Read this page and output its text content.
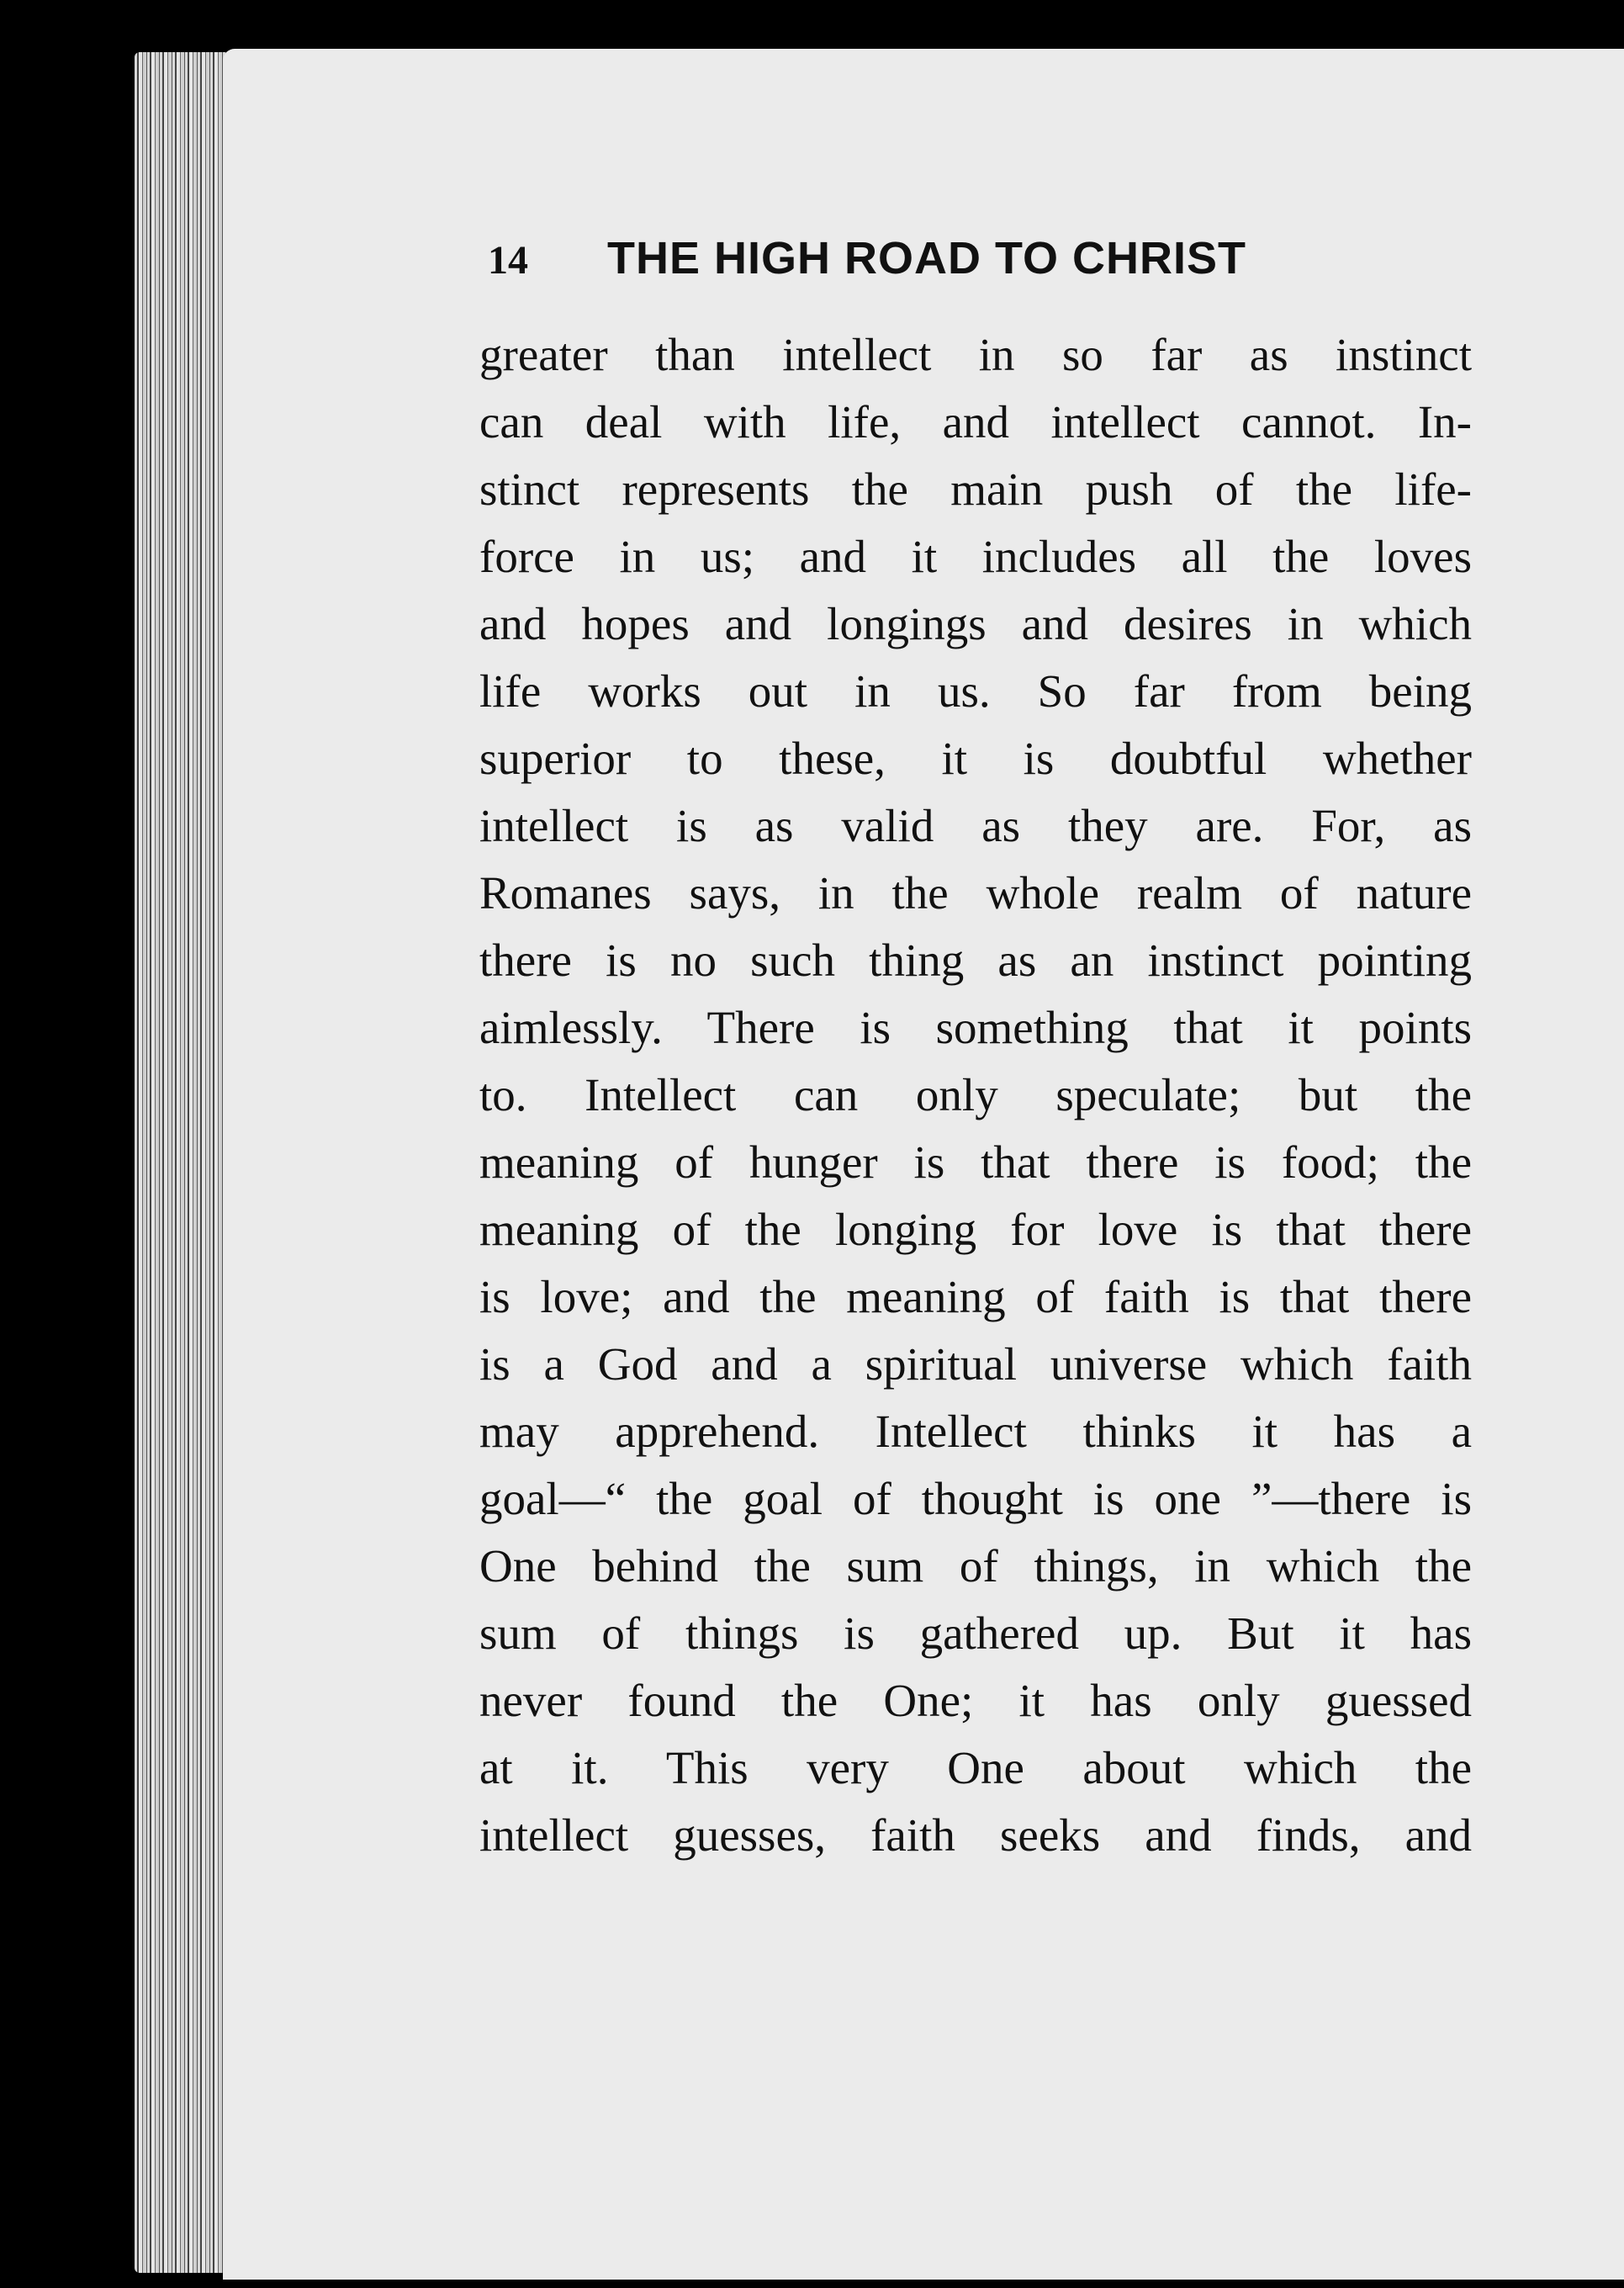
14 THE HIGH ROAD TO CHRIST
greater than intellect in so far as instinct
can deal with life, and intellect cannot. In-
stinct represents the main push of the life-
force in us; and it includes all the loves
and hopes and longings and desires in which
life works out in us. So far from being
superior to these, it is doubtful whether
intellect is as valid as they are. For, as
Romanes says, in the whole realm of nature
there is no such thing as an instinct pointing
aimlessly. There is something that it points
to. Intellect can only speculate; but the
meaning of hunger is that there is food; the
meaning of the longing for love is that there
is love; and the meaning of faith is that there
is a God and a spiritual universe which faith
may apprehend. Intellect thinks it has a
goal—“ the goal of thought is one ”—there is
One behind the sum of things, in which the
sum of things is gathered up. But it has
never found the One; it has only guessed
at it. This very One about which the
intellect guesses, faith seeks and finds, and
